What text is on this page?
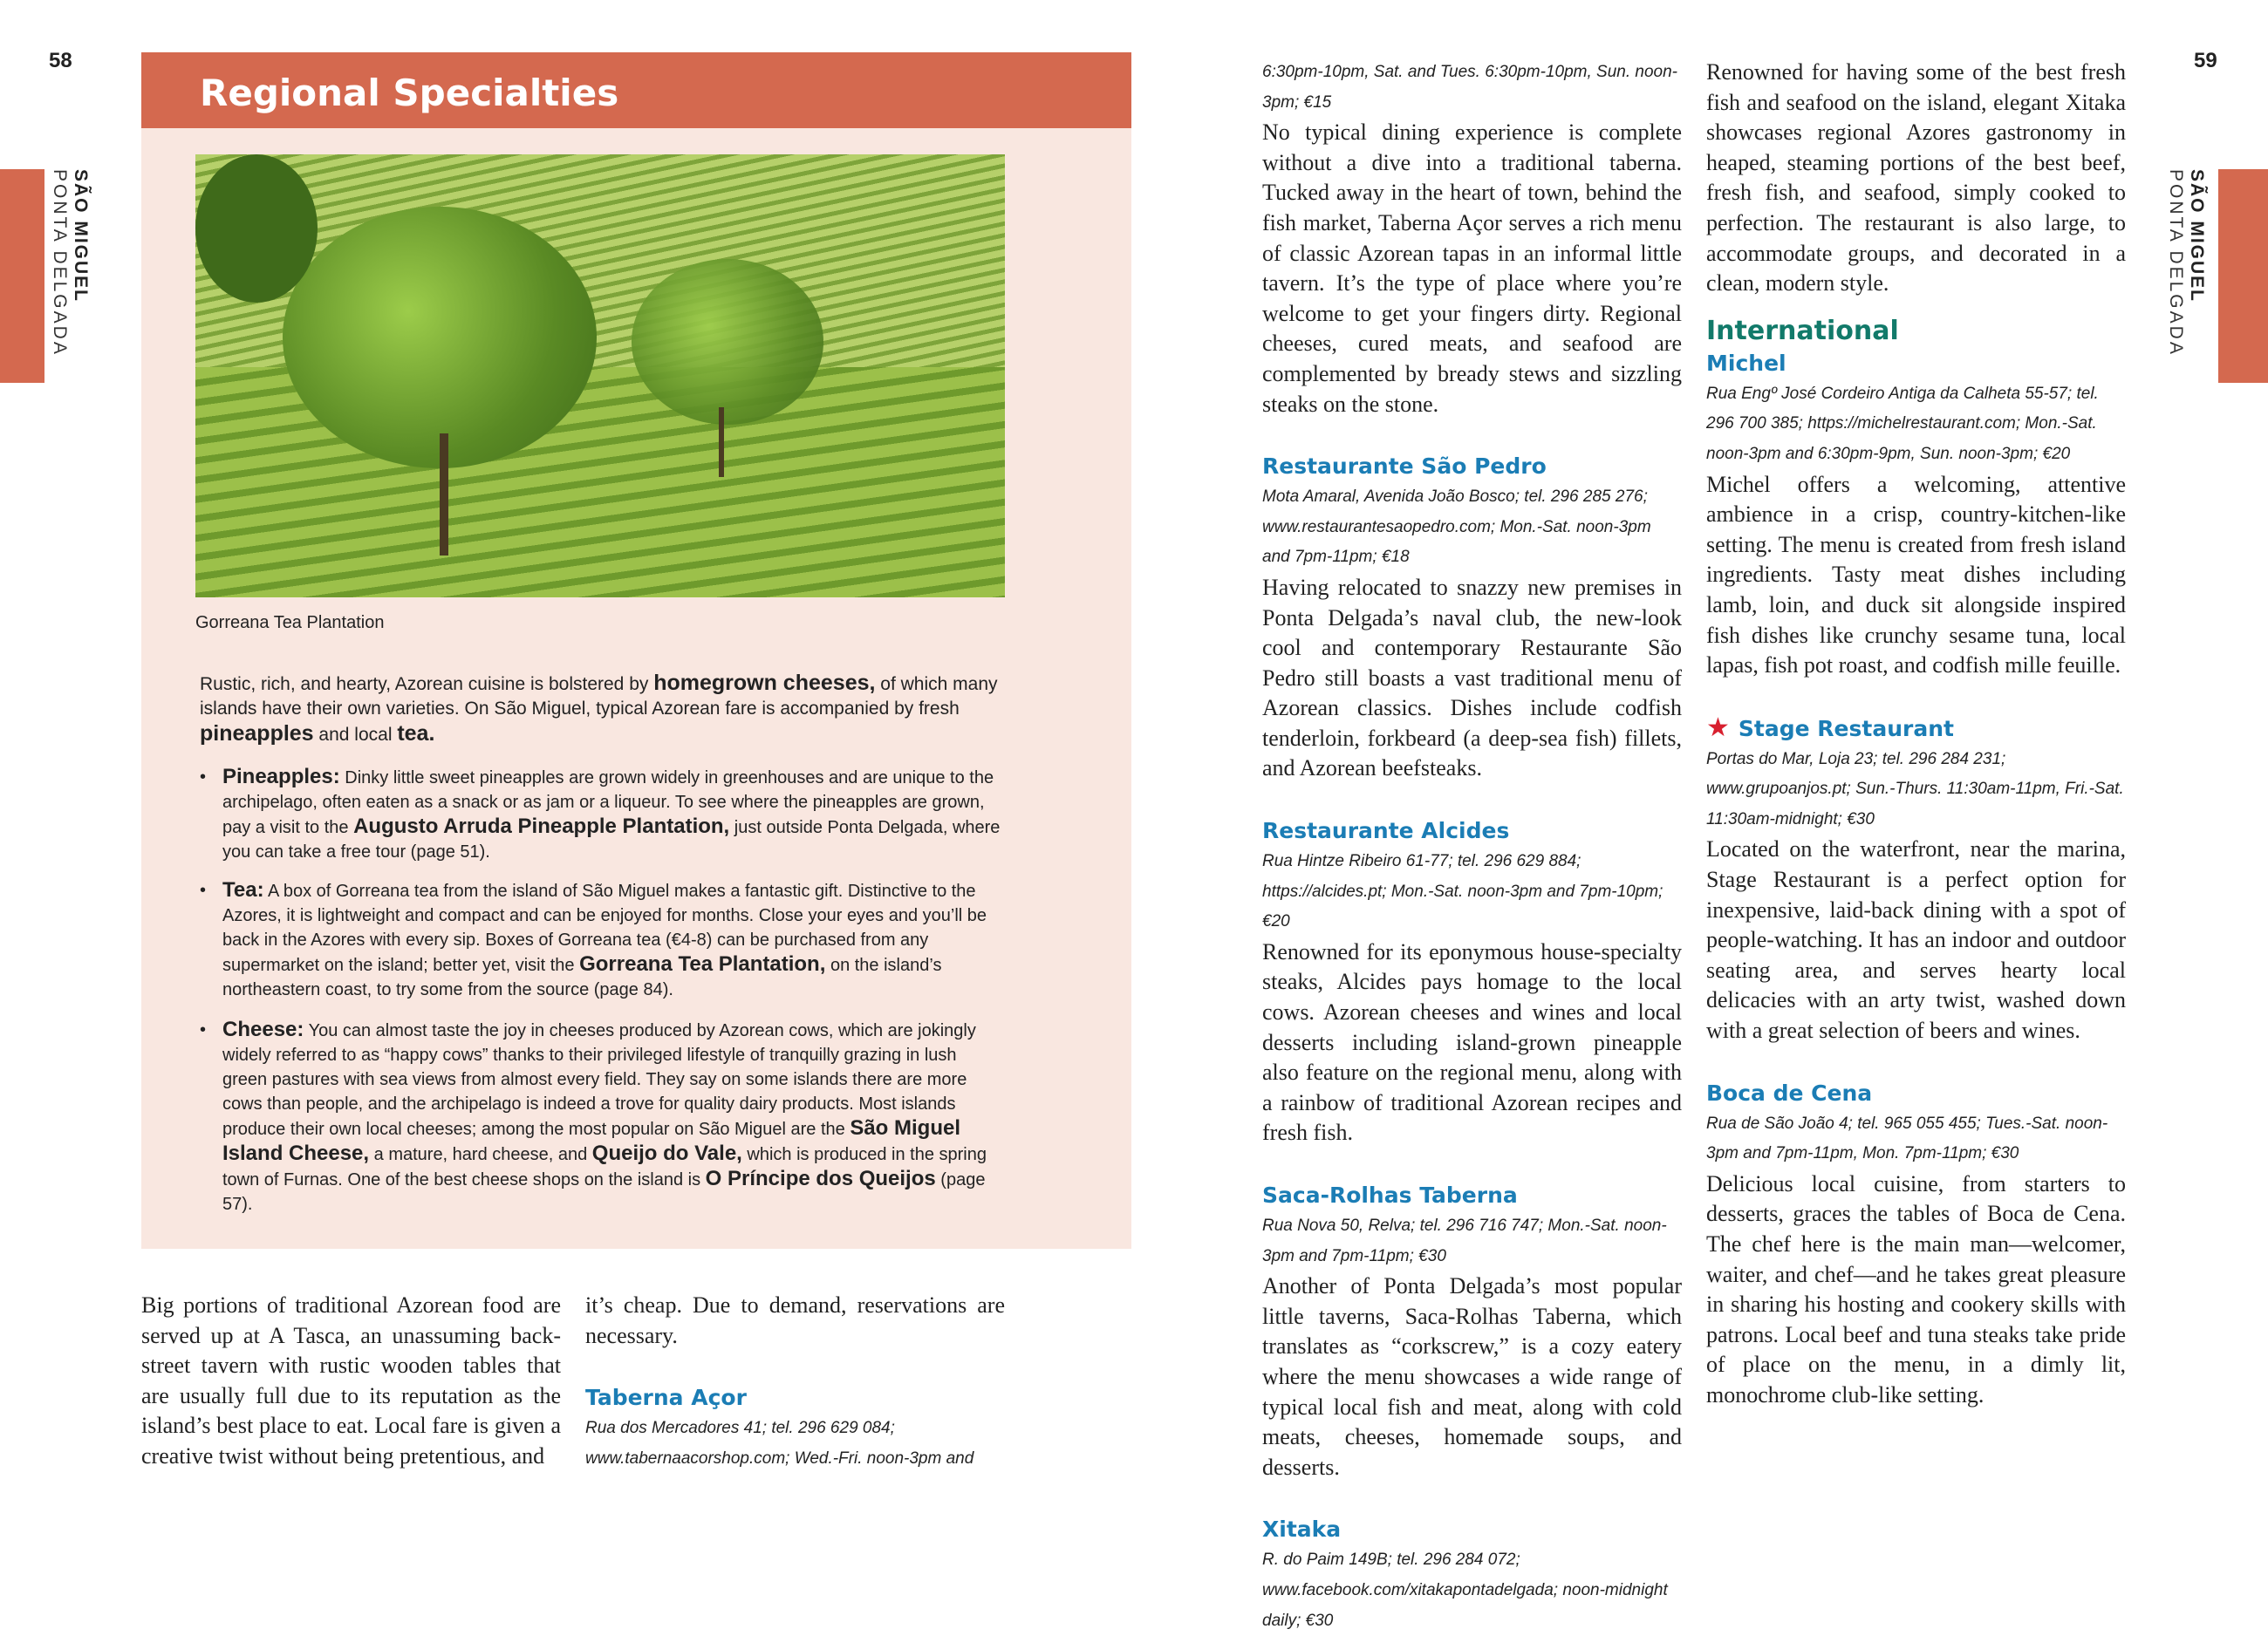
58
SÃO MIGUEL
PONTA DELGADA
Regional Specialties
Gorreana Tea Plantation
Rustic, rich, and hearty, Azorean cuisine is bolstered by homegrown cheeses, of which many islands have their own varieties. On São Miguel, typical Azorean fare is accompanied by fresh pineapples and local tea.
• Pineapples: Dinky little sweet pineapples are grown widely in greenhouses and are unique to the archipelago, often eaten as a snack or as jam or a liqueur. To see where the pineapples are grown, pay a visit to the Augusto Arruda Pineapple Plantation, just outside Ponta Delgada, where you can take a free tour (page 51).
• Tea: A box of Gorreana tea from the island of São Miguel makes a fantastic gift. Distinctive to the Azores, it is lightweight and compact and can be enjoyed for months. Close your eyes and you’ll be back in the Azores with every sip. Boxes of Gorreana tea (€4-8) can be purchased from any supermarket on the island; better yet, visit the Gorreana Tea Plantation, on the island’s northeastern coast, to try some from the source (page 84).
• Cheese: You can almost taste the joy in cheeses produced by Azorean cows, which are jokingly widely referred to as “happy cows” thanks to their privileged lifestyle of tranquilly grazing in lush green pastures with sea views from almost every field. They say on some islands there are more cows than people, and the archipelago is indeed a trove for quality dairy products. Most islands produce their own local cheeses; among the most popular on São Miguel are the São Miguel Island Cheese, a mature, hard cheese, and Queijo do Vale, which is produced in the spring town of Furnas. One of the best cheese shops on the island is O Príncipe dos Queijos (page 57).

Big portions of traditional Azorean food are served up at A Tasca, an unassuming back-street tavern with rustic wooden tables that are usually full due to its reputation as the island’s best place to eat. Local fare is given a creative twist without being pretentious, and

it’s cheap. Due to demand, reservations are necessary.

Taberna Açor
Rua dos Mercadores 41; tel. 296 629 084; www.tabernaacorshop.com; Wed.-Fri. noon-3pm and
59
SÃO MIGUEL
PONTA DELGADA
6:30pm-10pm, Sat. and Tues. 6:30pm-10pm, Sun. noon-3pm; €15

No typical dining experience is complete without a dive into a traditional taberna. Tucked away in the heart of town, behind the fish market, Taberna Açor serves a rich menu of classic Azorean tapas in an informal little tavern. It’s the type of place where you’re welcome to get your fingers dirty. Regional cheeses, cured meats, and seafood are complemented by bready stews and sizzling steaks on the stone.

Restaurante São Pedro
Mota Amaral, Avenida João Bosco; tel. 296 285 276; www.restaurantesaopedro.com; Mon.-Sat. noon-3pm and 7pm-11pm; €18

Having relocated to snazzy new premises in Ponta Delgada’s naval club, the new-look cool and contemporary Restaurante São Pedro still boasts a vast traditional menu of Azorean classics. Dishes include codfish tenderloin, forkbeard (a deep-sea fish) fillets, and Azorean beefsteaks.

Restaurante Alcides
Rua Hintze Ribeiro 61-77; tel. 296 629 884; https://alcides.pt; Mon.-Sat. noon-3pm and 7pm-10pm; €20

Renowned for its eponymous house-specialty steaks, Alcides pays homage to the local cows. Azorean cheeses and wines and local desserts including island-grown pineapple also feature on the regional menu, along with a rainbow of traditional Azorean recipes and fresh fish.

Saca-Rolhas Taberna
Rua Nova 50, Relva; tel. 296 716 747; Mon.-Sat. noon-3pm and 7pm-11pm; €30

Another of Ponta Delgada’s most popular little taverns, Saca-Rolhas Taberna, which translates as “corkscrew,” is a cozy eatery where the menu showcases a wide range of typical local fish and meat, along with cold meats, cheeses, homemade soups, and desserts.

Xitaka
R. do Paim 149B; tel. 296 284 072; www.facebook.com/xitakapontadelgada; noon-midnight daily; €30

Renowned for having some of the best fresh fish and seafood on the island, elegant Xitaka showcases regional Azores gastronomy in heaped, steaming portions of the best beef, fresh fish, and seafood, simply cooked to perfection. The restaurant is also large, to accommodate groups, and decorated in a clean, modern style.

International
Michel
Rua Engº José Cordeiro Antiga da Calheta 55-57; tel. 296 700 385; https://michelrestaurant.com; Mon.-Sat. noon-3pm and 6:30pm-9pm, Sun. noon-3pm; €20

Michel offers a welcoming, attentive ambience in a crisp, country-kitchen-like setting. The menu is created from fresh island ingredients. Tasty meat dishes including lamb, loin, and duck sit alongside inspired fish dishes like crunchy sesame tuna, local lapas, fish pot roast, and codfish mille feuille.

★ Stage Restaurant
Portas do Mar, Loja 23; tel. 296 284 231; www.grupoanjos.pt; Sun.-Thurs. 11:30am-11pm, Fri.-Sat. 11:30am-midnight; €30

Located on the waterfront, near the marina, Stage Restaurant is a perfect option for inexpensive, laid-back dining with a spot of people-watching. It has an indoor and outdoor seating area, and serves hearty local delicacies with an arty twist, washed down with a great selection of beers and wines.

Boca de Cena
Rua de São João 4; tel. 965 055 455; Tues.-Sat. noon-3pm and 7pm-11pm, Mon. 7pm-11pm; €30

Delicious local cuisine, from starters to desserts, graces the tables of Boca de Cena. The chef here is the main man—welcomer, waiter, and chef—and he takes great pleasure in sharing his hosting and cookery skills with patrons. Local beef and tuna steaks take pride of place on the menu, in a dimly lit, monochrome club-like setting.
